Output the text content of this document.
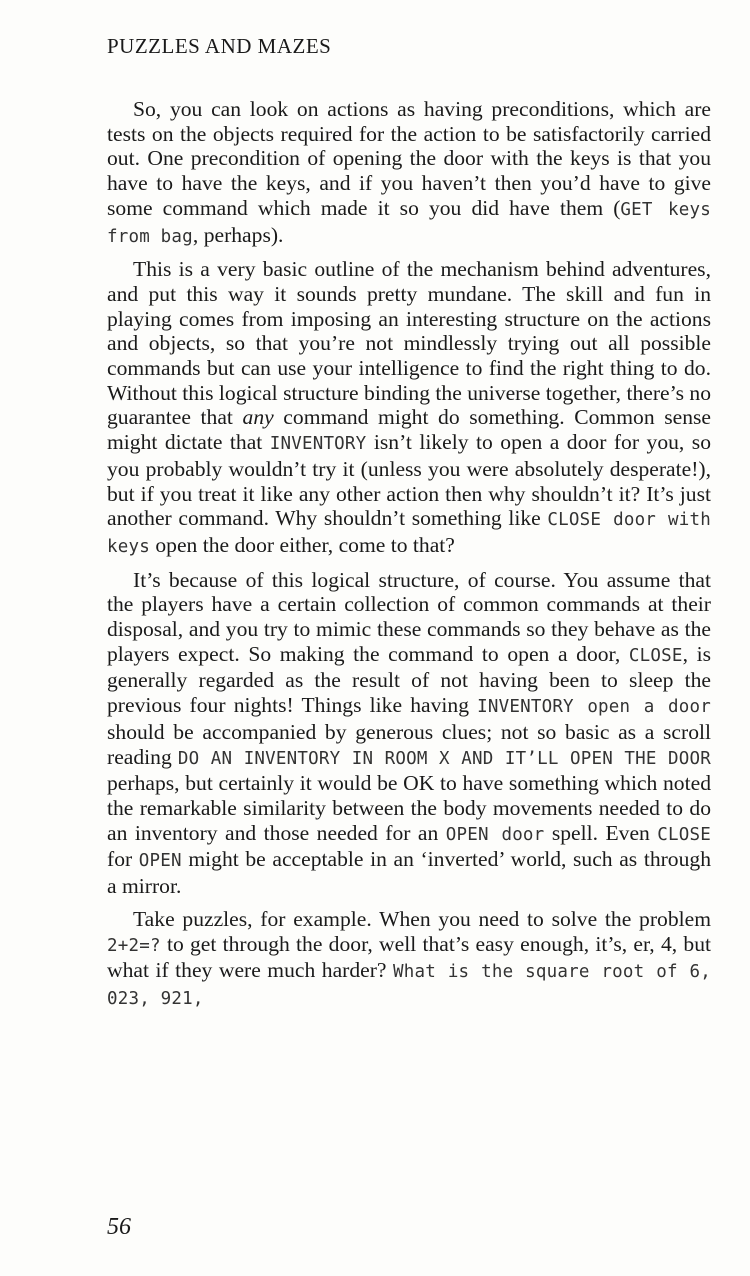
PUZZLES AND MAZES

So, you can look on actions as having preconditions, which are tests on the objects required for the action to be satisfactorily carried out. One precondition of opening the door with the keys is that you have to have the keys, and if you haven’t then you’d have to give some command which made it so you did have them (GET keys from bag, perhaps).

This is a very basic outline of the mechanism behind adventures, and put this way it sounds pretty mundane. The skill and fun in playing comes from imposing an interesting structure on the actions and objects, so that you’re not mindlessly trying out all possible commands but can use your intelligence to find the right thing to do. Without this logical structure binding the universe together, there’s no guarantee that any command might do something. Common sense might dictate that INVENTORY isn’t likely to open a door for you, so you probably wouldn’t try it (unless you were absolutely desperate!), but if you treat it like any other action then why shouldn’t it? It’s just another command. Why shouldn’t something like CLOSE door with keys open the door either, come to that?

It’s because of this logical structure, of course. You assume that the players have a certain collection of common commands at their disposal, and you try to mimic these commands so they behave as the players expect. So making the command to open a door, CLOSE, is generally regarded as the result of not having been to sleep the previous four nights! Things like having INVENTORY open a door should be accompanied by generous clues; not so basic as a scroll reading DO AN INVENTORY IN ROOM X AND IT’LL OPEN THE DOOR perhaps, but certainly it would be OK to have something which noted the remarkable similarity between the body movements needed to do an inventory and those needed for an OPEN door spell. Even CLOSE for OPEN might be acceptable in an ‘inverted’ world, such as through a mirror.

Take puzzles, for example. When you need to solve the problem 2+2=? to get through the door, well that’s easy enough, it’s, er, 4, but what if they were much harder? What is the square root of 6, 023, 921,

56
